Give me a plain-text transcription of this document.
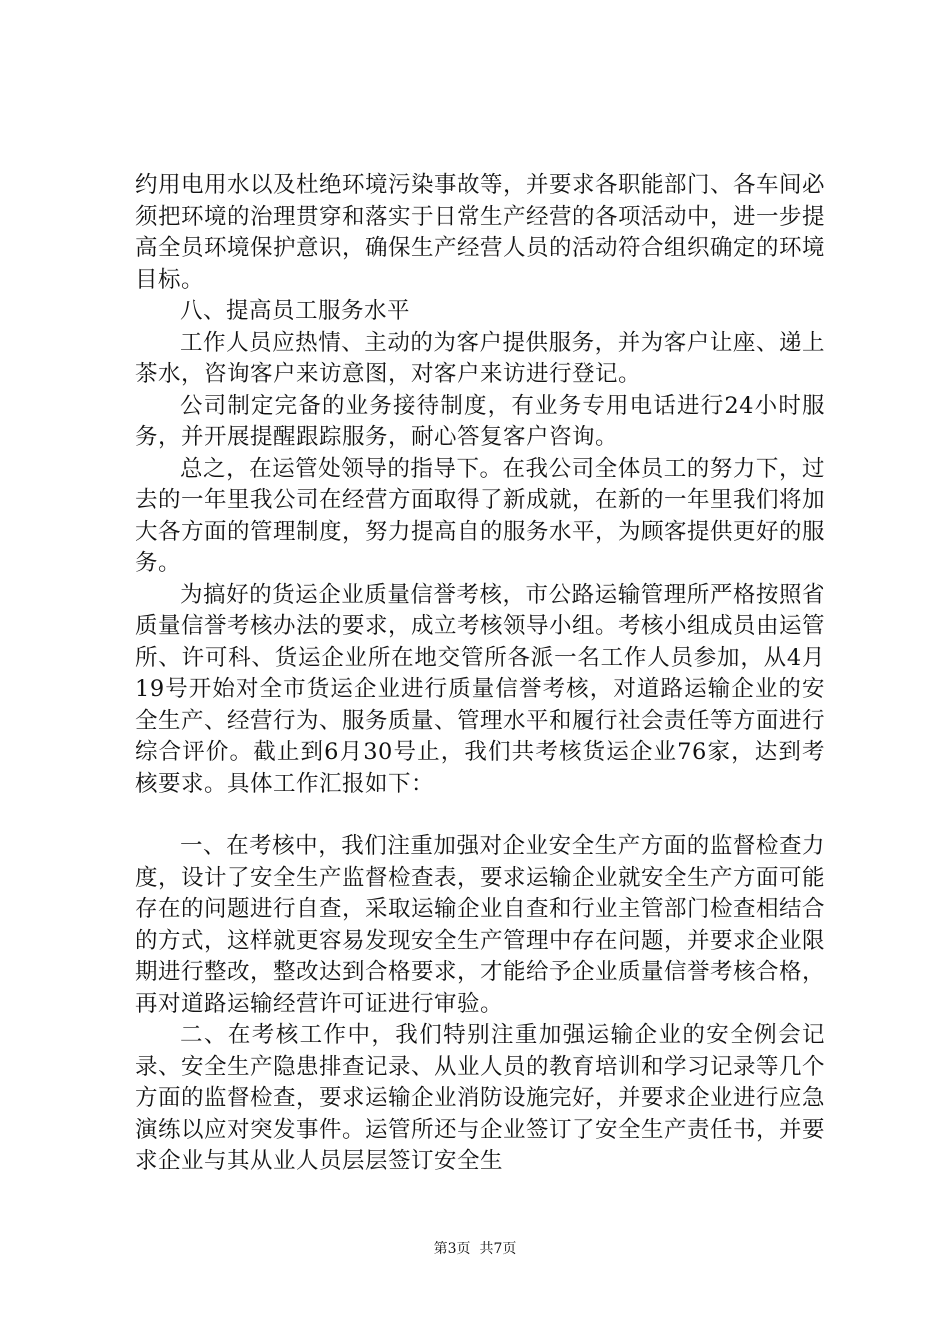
约用电用水以及杜绝环境污染事故等，并要求各职能部门、各车间必须把环境的治理贯穿和落实于日常生产经营的各项活动中，进一步提高全员环境保护意识，确保生产经营人员的活动符合组织确定的环境目标。

八、提高员工服务水平

工作人员应热情、主动的为客户提供服务，并为客户让座、递上茶水，咨询客户来访意图，对客户来访进行登记。

公司制定完备的业务接待制度，有业务专用电话进行24小时服务，并开展提醒跟踪服务，耐心答复客户咨询。

总之，在运管处领导的指导下。在我公司全体员工的努力下，过去的一年里我公司在经营方面取得了新成就，在新的一年里我们将加大各方面的管理制度，努力提高自的服务水平，为顾客提供更好的服务。

为搞好的货运企业质量信誉考核，市公路运输管理所严格按照省质量信誉考核办法的要求，成立考核领导小组。考核小组成员由运管所、许可科、货运企业所在地交管所各派一名工作人员参加，从4月19号开始对全市货运企业进行质量信誉考核，对道路运输企业的安全生产、经营行为、服务质量、管理水平和履行社会责任等方面进行综合评价。截止到6月30号止，我们共考核货运企业76家，达到考核要求。具体工作汇报如下：

一、在考核中，我们注重加强对企业安全生产方面的监督检查力度，设计了安全生产监督检查表，要求运输企业就安全生产方面可能存在的问题进行自查，采取运输企业自查和行业主管部门检查相结合的方式，这样就更容易发现安全生产管理中存在问题，并要求企业限期进行整改，整改达到合格要求，才能给予企业质量信誉考核合格，再对道路运输经营许可证进行审验。

二、在考核工作中，我们特别注重加强运输企业的安全例会记录、安全生产隐患排查记录、从业人员的教育培训和学习记录等几个方面的监督检查，要求运输企业消防设施完好，并要求企业进行应急演练以应对突发事件。运管所还与企业签订了安全生产责任书，并要求企业与其从业人员层层签订安全生

第3页 共7页
